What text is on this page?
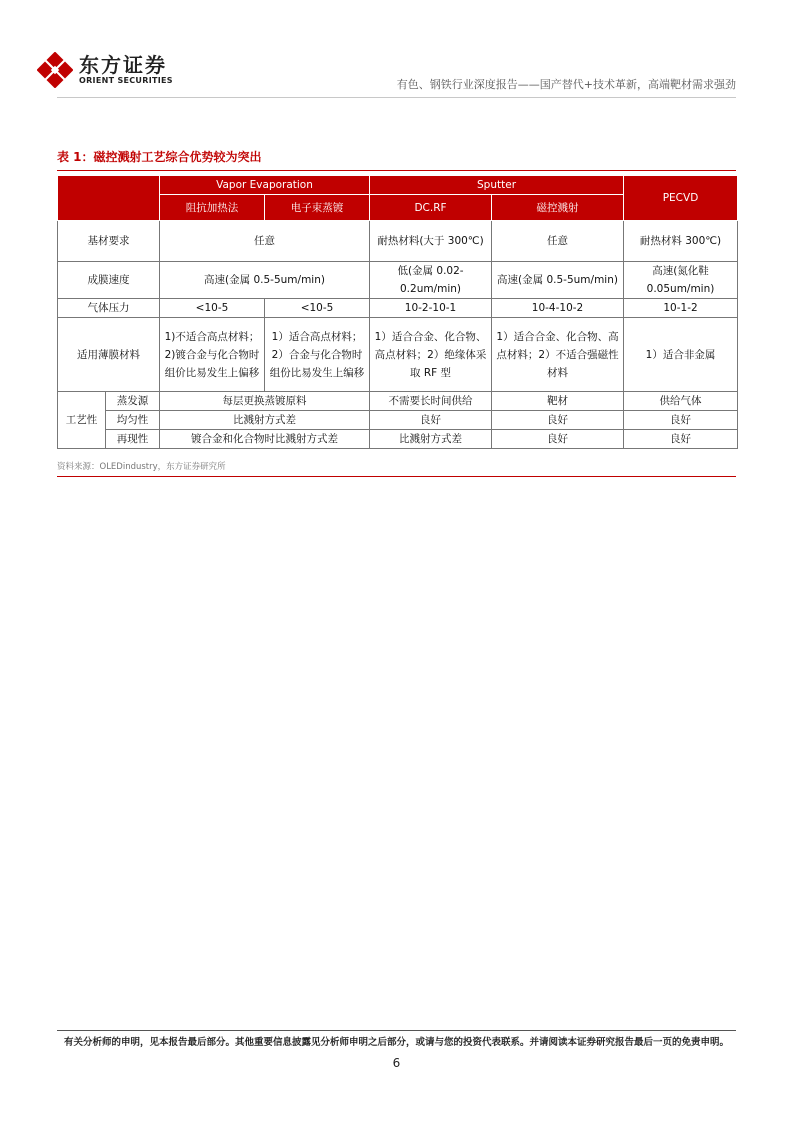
东方证券
ORIENT SECURITIES	有色、钢铁行业深度报告——国产替代+技术革新，高端靶材需求强劲
表 1：磁控溅射工艺综合优势较为突出
		Vapor Evaporation		Sputter		PECVD
		阻抗加热法	电子束蒸镀	DC.RF	磁控溅射	
基材要求		任意		耐热材料(大于 300℃)	任意	耐热材料 300℃)
成膜速度		高速(金属 0.5-5um/min)		低(金属 0.02-0.2um/min)	高速(金属 0.5-5um/min)	高速(氮化鞋 0.05um/min)
气体压力		<10-5	<10-5	10-2-10-1	10-4-10-2	10-1-2
适用薄膜材料		1)不适合高点材料；2)镀合金与化合物时组价比易发生上偏移	1）适合高点材料；2）合金与化合物时组份比易发生上编移	1）适合合金、化合物、高点材料；2）绝缘体采取 RF 型	1）适合合金、化合物、高点材料；2）不适合强磁性材料	1）适合非金属
工艺性	蒸发源	每层更换蒸镀原料		不需要长时间供给	靶材	供给气体
	均匀性	比溅射方式差		良好	良好	良好
	再现性	镀合金和化合物时比溅射方式差		比溅射方式差	良好	良好
资料来源：OLEDindustry，东方证券研究所
有关分析师的申明，见本报告最后部分。其他重要信息披露见分析师申明之后部分，或请与您的投资代表联系。并请阅读本证券研究报告最后一页的免责申明。
6
